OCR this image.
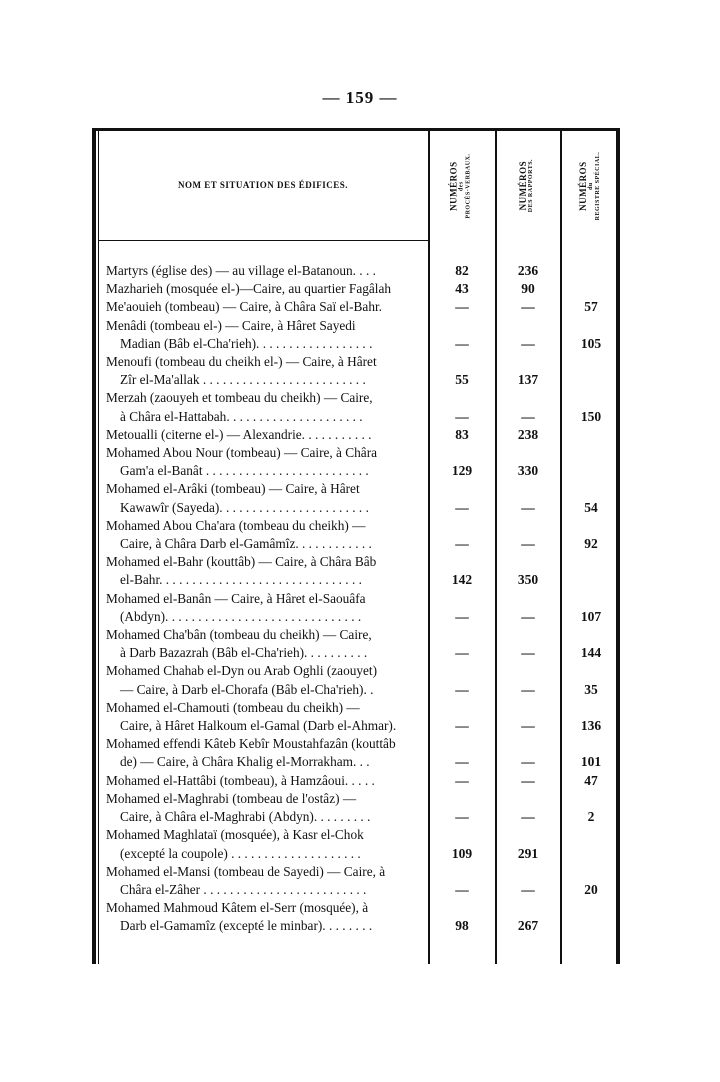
— 159 —
NOM ET SITUATION DES ÉDIFICES.	NUMÉROS des PROCÈS-VERBAUX.	NUMÉROS DES RAPPORTS.	NUMÉROS du REGISTRE SPÉCIAL.
Martyrs (église des) — au village el-Batanoun. . . .	82	236
Mazharieh (mosquée el-)—Caire, au quartier Fagâlah	43	90
Me'aouieh (tombeau) — Caire, à Châra Saï el-Bahr.	—	—	57
Menâdi (tombeau el-) — Caire, à Hâret Sayedi
Madian (Bâb el-Cha'rieh). . . . . . . . . . . . . . . . . .	—	—	105
Menoufi (tombeau du cheikh el-) — Caire, à Hâret
Zîr el-Ma'allak . . . . . . . . . . . . . . . . . . . . . . . . .	55	137
Merzah (zaouyeh et tombeau du cheikh) — Caire,
à Châra el-Hattabah. . . . . . . . . . . . . . . . . . . . .	—	—	150
Metoualli (citerne el-) — Alexandrie. . . . . . . . . . .	83	238
Mohamed Abou Nour (tombeau) — Caire, à Châra
Gam'a el-Banât . . . . . . . . . . . . . . . . . . . . . . . . .	129	330
Mohamed el-Arâki (tombeau) — Caire, à Hâret
Kawawîr (Sayeda). . . . . . . . . . . . . . . . . . . . . . .	—	—	54
Mohamed Abou Cha'ara (tombeau du cheikh) —
Caire, à Châra Darb el-Gamâmîz. . . . . . . . . . . .	—	—	92
Mohamed el-Bahr (kouttâb) — Caire, à Châra Bâb
el-Bahr. . . . . . . . . . . . . . . . . . . . . . . . . . . . . . .	142	350
Mohamed el-Banân — Caire, à Hâret el-Saouâfa
(Abdyn). . . . . . . . . . . . . . . . . . . . . . . . . . . . . .	—	—	107
Mohamed Cha'bân (tombeau du cheikh) — Caire,
à Darb Bazazrah (Bâb el-Cha'rieh). . . . . . . . . .	—	—	144
Mohamed Chahab el-Dyn ou Arab Oghli (zaouyet)
— Caire, à Darb el-Chorafa (Bâb el-Cha'rieh). .	—	—	35
Mohamed el-Chamouti (tombeau du cheikh) —
Caire, à Hâret Halkoum el-Gamal (Darb el-Ahmar).	—	—	136
Mohamed effendi Kâteb Kebîr Moustahfazân (kouttâb
de) — Caire, à Châra Khalig el-Morrakham. . .	—	—	101
Mohamed el-Hattâbi (tombeau), à Hamzâoui. . . . .	—	—	47
Mohamed el-Maghrabi (tombeau de l'ostâz) —
Caire, à Châra el-Maghrabi (Abdyn). . . . . . . . .	—	—	2
Mohamed Maghlataï (mosquée), à Kasr el-Chok
(excepté la coupole) . . . . . . . . . . . . . . . . . . . .	109	291
Mohamed el-Mansi (tombeau de Sayedi) — Caire, à
Châra el-Zâher . . . . . . . . . . . . . . . . . . . . . . . . .	—	—	20
Mohamed Mahmoud Kâtem el-Serr (mosquée), à
Darb el-Gamamîz (excepté le minbar). . . . . . . .	98	267
